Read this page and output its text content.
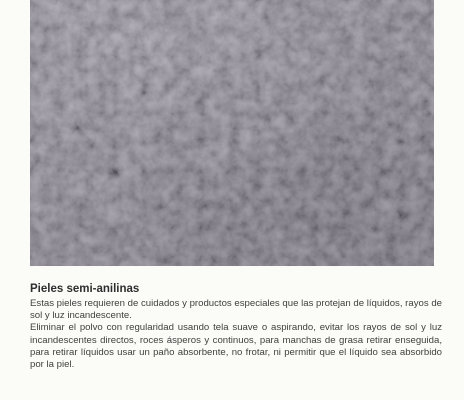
Pieles semi-anilinas

Estas pieles requieren de cuidados y productos especiales que las protejan de líquidos, rayos de sol y luz incandescente.

Eliminar el polvo con regularidad usando tela suave o aspirando, evitar los rayos de sol y luz incandescentes directos, roces ásperos y continuos, para manchas de grasa retirar enseguida, para retirar líquidos usar un paño absorbente, no frotar, ni permitir que el líquido sea absorbido por la piel.
